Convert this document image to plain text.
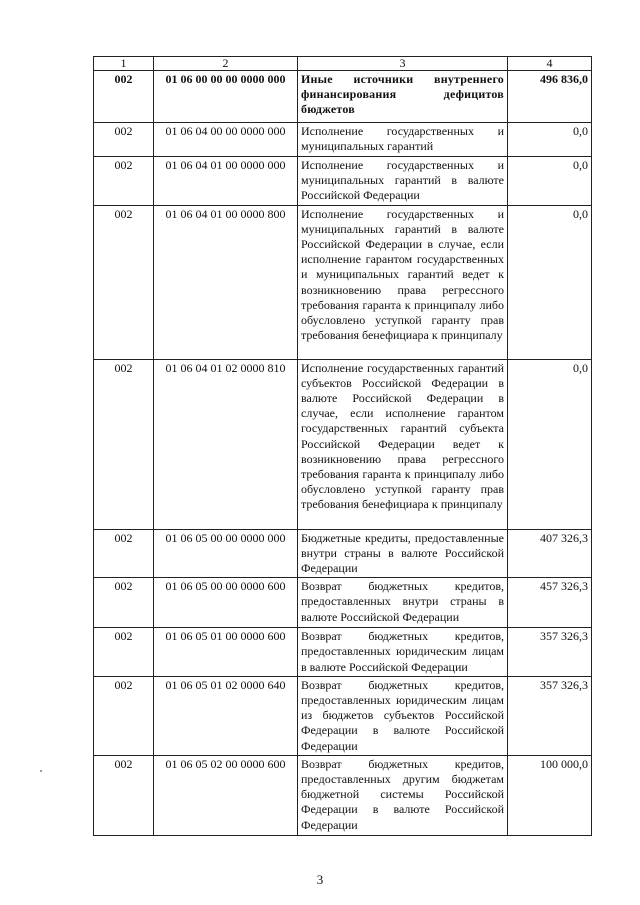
1	2	3	4
002	01 06 00 00 00 0000 000	Иные источники внутреннего финансирования дефицитов бюджетов	496 836,0
002	01 06 04 00 00 0000 000	Исполнение государственных и муниципальных гарантий	0,0
002	01 06 04 01 00 0000 000	Исполнение государственных и муниципальных гарантий в валюте Российской Федерации	0,0
002	01 06 04 01 00 0000 800	Исполнение государственных и муниципальных гарантий в валюте Российской Федерации в случае, если исполнение гарантом государственных и муниципальных гарантий ведет к возникновению права регрессного требования гаранта к принципалу либо обусловлено уступкой гаранту прав требования бенефициара к принципалу	0,0
002	01 06 04 01 02 0000 810	Исполнение государственных гарантий субъектов Российской Федерации в валюте Российской Федерации в случае, если исполнение гарантом государственных гарантий субъекта Российской Федерации ведет к возникновению права регрессного требования гаранта к принципалу либо обусловлено уступкой гаранту прав требования бенефициара к принципалу	0,0
002	01 06 05 00 00 0000 000	Бюджетные кредиты, предоставленные внутри страны в валюте Российской Федерации	407 326,3
002	01 06 05 00 00 0000 600	Возврат бюджетных кредитов, предоставленных внутри страны в валюте Российской Федерации	457 326,3
002	01 06 05 01 00 0000 600	Возврат бюджетных кредитов, предоставленных юридическим лицам в валюте Российской Федерации	357 326,3
002	01 06 05 01 02 0000 640	Возврат бюджетных кредитов, предоставленных юридическим лицам из бюджетов субъектов Российской Федерации в валюте Российской Федерации	357 326,3
002	01 06 05 02 00 0000 600	Возврат бюджетных кредитов, предоставленных другим бюджетам бюджетной системы Российской Федерации в валюте Российской Федерации	100 000,0
3
